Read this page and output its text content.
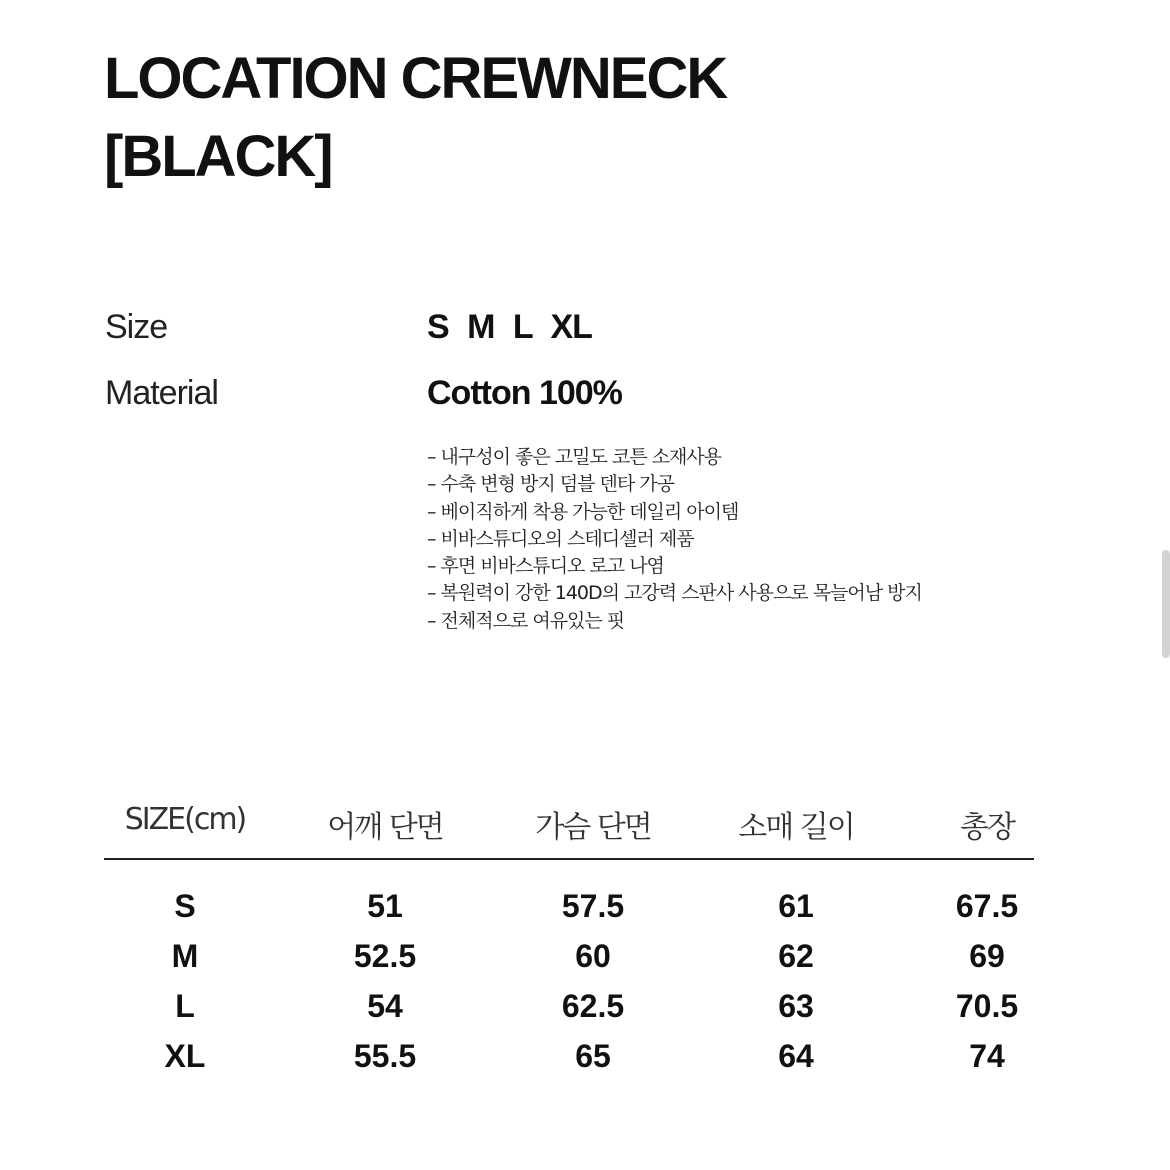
LOCATION CREWNECK
[BLACK]
Size	S M L XL
Material	Cotton 100%
– 내구성이 좋은 고밀도 코튼 소재사용
– 수축 변형 방지 덤블 덴타 가공
– 베이직하게 착용 가능한 데일리 아이템
– 비바스튜디오의 스테디셀러 제품
– 후면 비바스튜디오 로고 나염
– 복원력이 강한 140D의 고강력 스판사 사용으로 목늘어남 방지
– 전체적으로 여유있는 핏
SIZE(cm)	어깨 단면	가슴 단면	소매 길이	총장
S	51	57.5	61	67.5
M	52.5	60	62	69
L	54	62.5	63	70.5
XL	55.5	65	64	74
